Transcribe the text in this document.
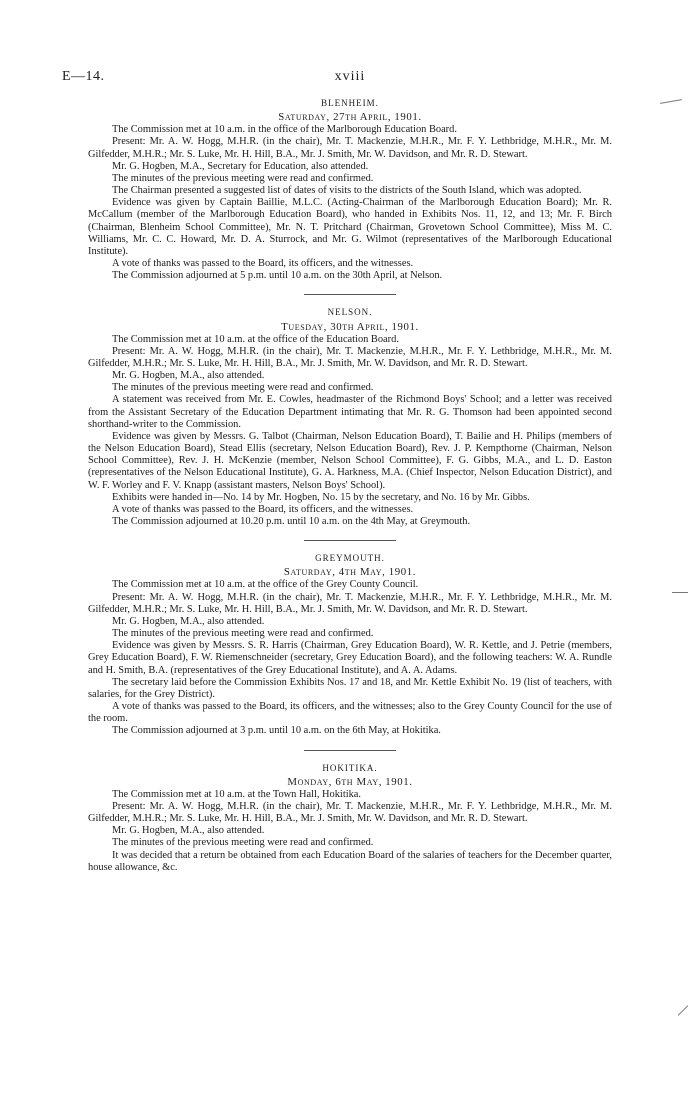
E—14.	xviii
BLENHEIM.
Saturday, 27th April, 1901.

The Commission met at 10 a.m. in the office of the Marlborough Education Board.

Present: Mr. A. W. Hogg, M.H.R. (in the chair), Mr. T. Mackenzie, M.H.R., Mr. F. Y. Lethbridge, M.H.R., Mr. M. Gilfedder, M.H.R.; Mr. S. Luke, Mr. H. Hill, B.A., Mr. J. Smith, Mr. W. Davidson, and Mr. R. D. Stewart.

Mr. G. Hogben, M.A., Secretary for Education, also attended.

The minutes of the previous meeting were read and confirmed.

The Chairman presented a suggested list of dates of visits to the districts of the South Island, which was adopted.

Evidence was given by Captain Baillie, M.L.C. (Acting-Chairman of the Marlborough Education Board); Mr. R. McCallum (member of the Marlborough Education Board), who handed in Exhibits Nos. 11, 12, and 13; Mr. F. Birch (Chairman, Blenheim School Committee), Mr. N. T. Pritchard (Chairman, Grovetown School Committee), Miss M. C. Williams, Mr. C. C. Howard, Mr. D. A. Sturrock, and Mr. G. Wilmot (representatives of the Marlborough Educational Institute).

A vote of thanks was passed to the Board, its officers, and the witnesses.

The Commission adjourned at 5 p.m. until 10 a.m. on the 30th April, at Nelson.

NELSON.
Tuesday, 30th April, 1901.

The Commission met at 10 a.m. at the office of the Education Board.

Present: Mr. A. W. Hogg, M.H.R. (in the chair), Mr. T. Mackenzie, M.H.R., Mr. F. Y. Lethbridge, M.H.R., Mr. M. Gilfedder, M.H.R.; Mr. S. Luke, Mr. H. Hill, B.A., Mr. J. Smith, Mr. W. Davidson, and Mr. R. D. Stewart.

Mr. G. Hogben, M.A., also attended.

The minutes of the previous meeting were read and confirmed.

A statement was received from Mr. E. Cowles, headmaster of the Richmond Boys' School; and a letter was received from the Assistant Secretary of the Education Department intimating that Mr. R. G. Thomson had been appointed second shorthand-writer to the Commission.

Evidence was given by Messrs. G. Talbot (Chairman, Nelson Education Board), T. Bailie and H. Philips (members of the Nelson Education Board), Stead Ellis (secretary, Nelson Education Board), Rev. J. P. Kempthorne (Chairman, Nelson School Committee), Rev. J. H. McKenzie (member, Nelson School Committee), F. G. Gibbs, M.A., and L. D. Easton (representatives of the Nelson Educational Institute), G. A. Harkness, M.A. (Chief Inspector, Nelson Education District), and W. F. Worley and F. V. Knapp (assistant masters, Nelson Boys' School).

Exhibits were handed in—No. 14 by Mr. Hogben, No. 15 by the secretary, and No. 16 by Mr. Gibbs.

A vote of thanks was passed to the Board, its officers, and the witnesses.

The Commission adjourned at 10.20 p.m. until 10 a.m. on the 4th May, at Greymouth.

GREYMOUTH.
Saturday, 4th May, 1901.

The Commission met at 10 a.m. at the office of the Grey County Council.

Present: Mr. A. W. Hogg, M.H.R. (in the chair), Mr. T. Mackenzie, M.H.R., Mr. F. Y. Lethbridge, M.H.R., Mr. M. Gilfedder, M.H.R.; Mr. S. Luke, Mr. H. Hill, B.A., Mr. J. Smith, Mr. W. Davidson, and Mr. R. D. Stewart.

Mr. G. Hogben, M.A., also attended.

The minutes of the previous meeting were read and confirmed.

Evidence was given by Messrs. S. R. Harris (Chairman, Grey Education Board), W. R. Kettle, and J. Petrie (members, Grey Education Board), F. W. Riemenschneider (secretary, Grey Education Board), and the following teachers: W. A. Rundle and H. Smith, B.A. (representatives of the Grey Educational Institute), and A. A. Adams.

The secretary laid before the Commission Exhibits Nos. 17 and 18, and Mr. Kettle Exhibit No. 19 (list of teachers, with salaries, for the Grey District).

A vote of thanks was passed to the Board, its officers, and the witnesses; also to the Grey County Council for the use of the room.

The Commission adjourned at 3 p.m. until 10 a.m. on the 6th May, at Hokitika.

HOKITIKA.
Monday, 6th May, 1901.

The Commission met at 10 a.m. at the Town Hall, Hokitika.

Present: Mr. A. W. Hogg, M.H.R. (in the chair), Mr. T. Mackenzie, M.H.R., Mr. F. Y. Lethbridge, M.H.R., Mr. M. Gilfedder, M.H.R.; Mr. S. Luke, Mr. H. Hill, B.A., Mr. J. Smith, Mr. W. Davidson, and Mr. R. D. Stewart.

Mr. G. Hogben, M.A., also attended.

The minutes of the previous meeting were read and confirmed.

It was decided that a return be obtained from each Education Board of the salaries of teachers for the December quarter, house allowance, &c.
